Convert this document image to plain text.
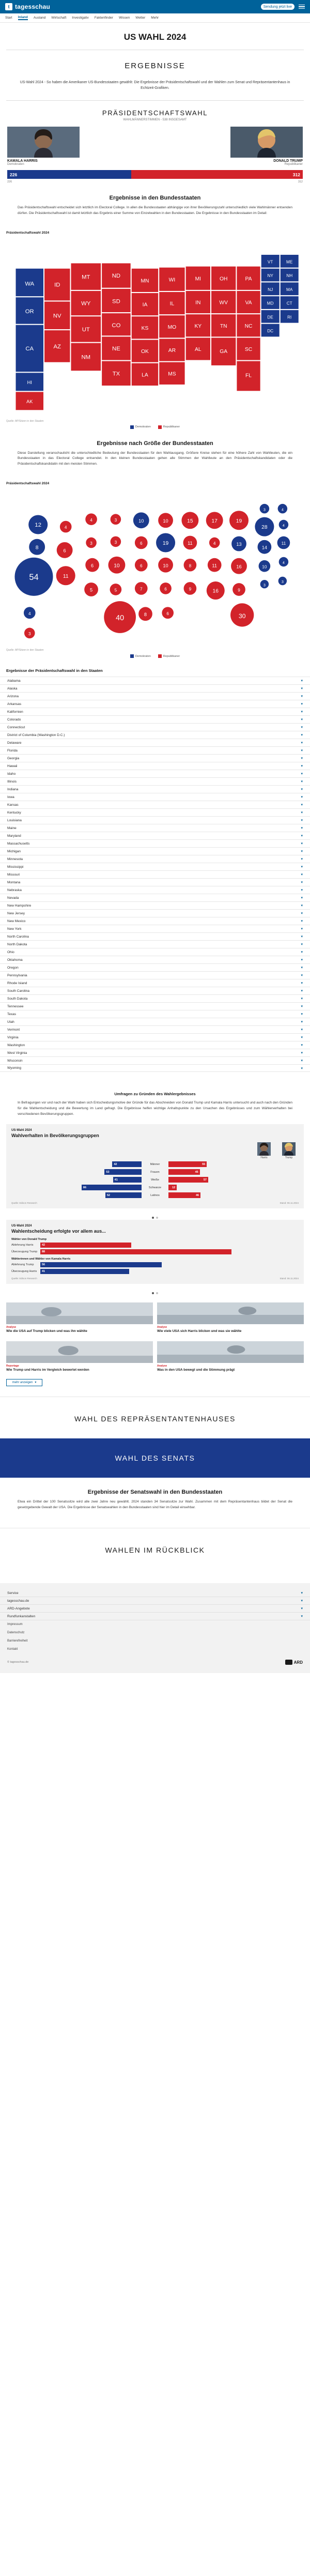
t tagesschau	Sendung jetzt live
Start Inland Ausland Wirtschaft Investigativ Faktenfinder Wissen Wetter Mehr
US WAHL 2024
ERGEBNISSE
US-Wahl 2024 - So haben die Amerikaner US-Bundesstaaten gewählt: Die Ergebnisse der Präsidentschaftswahl und der Wahlen zum Senat und Repräsentantenhaus in Echtzeit-Grafiken.
PRÄSIDENTSCHAFTSWAHL
WAHLMÄNNERSTIMMEN - 538 INSGESAMT
KAMALA HARRIS
Demokraten
DONALD TRUMP
Republikaner
226	312
226	312
Ergebnisse in den Bundesstaaten
Das Präsidentschaftswahl entscheidet sich letztlich im Electoral College. In allen die Bundesstaaten abhängige von ihrer Bevölkerungszahl unterschiedlich viele Wahlmänner entsenden dürfen. Die Präsidentschaftswahl ist damit letztlich das Ergebnis einer Summe von Einzelwahlen in den Bundesstaaten. Die Ergebnisse in den Bundesstaaten im Detail:
Präsidentschaftswahl 2024
WA
OR
CA
HI
ID
NV
AZ
MT
WY
UT
NM
ND
SD
CO
NE
TX
MN
IA
KS
OK
LA
WI
IL
MO
AR
MS
MI
IN
KY
AL
OH
WV
TN
GA
PA
VA
NC
SC
FL
VT	ME
NY	NH
NJ	MA
MD	CT
DE	RI
DC
AK
Quelle: AP/Sitzen in den Staaten
Demokraten	Republikaner
Ergebnisse nach Größe der Bundesstaaten
Diese Darstellung veranschaulicht die unterschiedliche Bedeutung der Bundesstaaten für den Wahlausgang. Größere Kreise stehen für eine höhere Zahl von Wahlleuten, die ein Bundesstaaten in das Electoral College entsendet. In den kleinen Bundesstaaten gehen alle Stimmen der Wahlleute an den Präsidentschaftskandidaten oder die Präsidentschaftskandidatin mit den meisten Stimmen.
Präsidentschaftswahl 2024
12
8
54
4
4
6
11
4
3
6
5
3
3
10
5
40
10
6
6
7
8
10
19
10
6
6
15
11
8
9
17
4
11
16
19
13
16
9
30
3	4
28	4
14
11
10
4
3
3
3
Quelle: AP/Sitzen in den Staaten
Demokraten	Republikaner
Ergebnisse der Präsidentschaftswahl in den Staaten
Alabama	▾
Alaska	▾
Arizona	▾
Arkansas	▾
Kalifornien	▾
Colorado	▾
Connecticut	▾
District of Columbia (Washington D.C.)	▾
Delaware	▾
Florida	▾
Georgia	▾
Hawaii	▾
Idaho	▾
Illinois	▾
Indiana	▾
Iowa	▾
Kansas	▾
Kentucky	▾
Louisiana	▾
Maine	▾
Maryland	▾
Massachusetts	▾
Michigan	▾
Minnesota	▾
Mississippi	▾
Missouri	▾
Montana	▾
Nebraska	▾
Nevada	▾
New Hampshire	▾
New Jersey	▾
New Mexico	▾
New York	▾
North Carolina	▾
North Dakota	▾
Ohio	▾
Oklahoma	▾
Oregon	▾
Pennsylvania	▾
Rhode Island	▾
South Carolina	▾
South Dakota	▾
Tennessee	▾
Texas	▾
Utah	▾
Vermont	▾
Virginia	▾
Washington	▾
West Virginia	▾
Wisconsin	▾
Wyoming	▾
Umfragen zu Gründen des Wahlergebnisses
In Befragungen vor und nach der Wahl haben sich Entscheidungsmotive der Gründe für das Abschneiden von Donald Trump und Kamala Harris untersucht und auch nach den Gründen für die Wahlentscheidung und die Bewertung im Land gefragt. Die Ergebnisse helfen wichtige Anhaltspunkte zu den Ursachen des Ergebnisses und zum Wählerverhalten bei verschiedenen Bevölkerungsgruppen.
US-Wahl 2024
Wahlverhalten in Bevölkerungsgruppen
Harris	Trump
42	Männer	55
53	Frauen	45
41	Weiße	57
86	Schwarze	12
52	Latinos	46
Quelle: Edison Research	Stand: 06.11.2024
US-Wahl 2024
Wahlentscheidung erfolgte vor allem aus...
Wähler von Donald Trump
Ablehnung Harris	42
Überzeugung Trump	88
Wählerinnen und Wähler von Kamala Harris
Ablehnung Trump	56
Überzeugung Harris	41
Quelle: Edison Research	Stand: 06.11.2024
Analyse
Wie die USA auf Trump blicken und was ihn wählte
Analyse
Wie viele USA sich Harris blicken und was sie wählte
Reportage
Wie Trump und Harris im Vergleich bewertet werden
Analyse
Was in den USA bewegt und die Stimmung prägt
mehr anzeigen ▾
WAHL DES REPRÄSENTANTENHAUSES
WAHL DES SENATS
Ergebnisse der Senatswahl in den Bundesstaaten
Etwa ein Drittel der 100 Senatssitze wird alle zwei Jahre neu gewählt. 2024 standen 34 Senatssitze zur Wahl. Zusammen mit dem Repräsentantenhaus bildet der Senat die gesetzgebende Gewalt der USA. Die Ergebnisse der Senatswahlen in den Bundesstaaten sind hier im Detail einsehbar.
WAHLEN IM RÜCKBLICK
Service	▾
tagesschau.de	▾
ARD-Angebote	▾
Rundfunkanstalten	▾
Impressum
Datenschutz
Barrierefreiheit
Kontakt
© tagesschau.de	ARD
